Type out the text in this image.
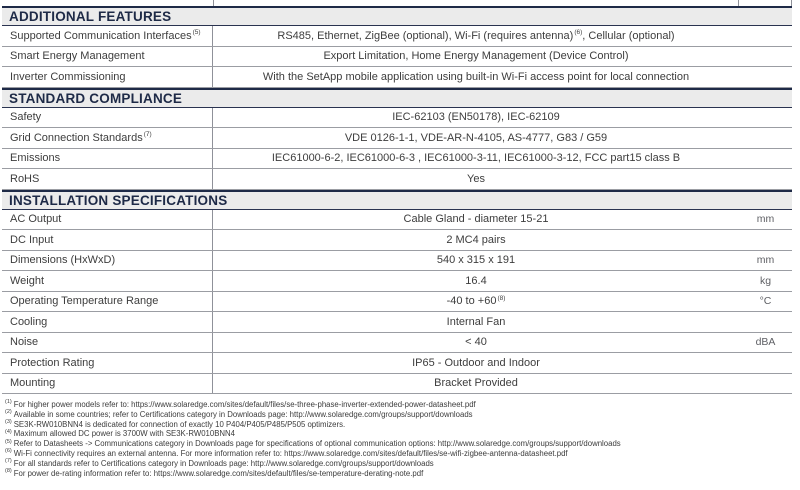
ADDITIONAL FEATURES
Supported Communication Interfaces$^{(5)}$	RS485, Ethernet, ZigBee (optional), Wi-Fi (requires antenna)$^{(6)}$, Cellular (optional)
Smart Energy Management	Export Limitation, Home Energy Management (Device Control)
Inverter Commissioning	With the SetApp mobile application using built-in Wi-Fi access point for local connection
STANDARD COMPLIANCE
Safety	IEC-62103 (EN50178), IEC-62109
Grid Connection Standards$^{(7)}$	VDE 0126-1-1, VDE-AR-N-4105, AS-4777, G83 / G59
Emissions	IEC61000-6-2, IEC61000-6-3 , IEC61000-3-11, IEC61000-3-12, FCC part15 class B
RoHS	Yes
INSTALLATION SPECIFICATIONS
AC Output	Cable Gland - diameter 15-21	mm
DC Input	2 MC4 pairs
Dimensions (HxWxD)	540 x 315 x 191	mm
Weight	16.4	kg
Operating Temperature Range	-40 to $+60^{(8)}$	°C
Cooling	Internal Fan
Noise	< 40	dBA
Protection Rating	IP65 - Outdoor and Indoor
Mounting	Bracket Provided
$^{(1)}$ For higher power models refer to: https://www.solaredge.com/sites/default/files/se-three-phase-inverter-extended-power-datasheet.pdf
$^{(2)}$ Available in some countries; refer to Certifications category in Downloads page: http://www.solaredge.com/groups/support/downloads
$^{(3)}$ SE3K-RW010BNN4 is dedicated for connection of exactly 10 P404/P405/P485/P505 optimizers.
$^{(4)}$ Maximum allowed DC power is 3700W with SE3K-RW010BNN4
$^{(5)}$ Refer to Datasheets -> Communications category in Downloads page for specifications of optional communication options: http://www.solaredge.com/groups/support/downloads
$^{(6)}$ Wi-Fi connectivity requires an external antenna. For more information refer to: https://www.solaredge.com/sites/default/files/se-wifi-zigbee-antenna-datasheet.pdf
$^{(7)}$ For all standards refer to Certifications category in Downloads page: http://www.solaredge.com/groups/support/downloads
$^{(8)}$ For power de-rating information refer to: https://www.solaredge.com/sites/default/files/se-temperature-derating-note.pdf
